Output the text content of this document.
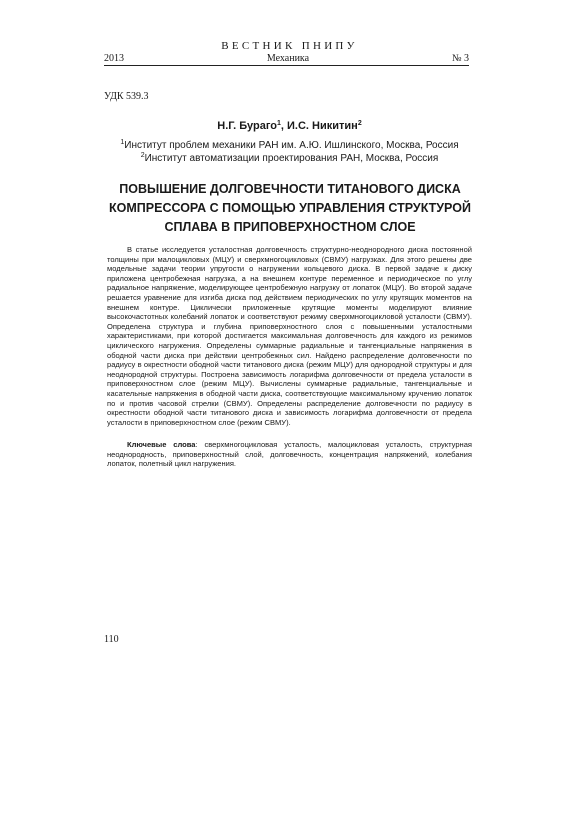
ВЕСТНИК ПНИПУ
2013	Механика	№ 3
УДК 539.3
Н.Г. Бураго$^1$, И.С. Никитин$^2$
$^1$Институт проблем механики РАН им. А.Ю. Ишлинского, Москва, Россия
$^2$Институт автоматизации проектирования РАН, Москва, Россия
ПОВЫШЕНИЕ ДОЛГОВЕЧНОСТИ ТИТАНОВОГО ДИСКА
КОМПРЕССОРА С ПОМОЩЬЮ УПРАВЛЕНИЯ СТРУКТУРОЙ
СПЛАВА В ПРИПОВЕРХНОСТНОМ СЛОЕ
В статье исследуется усталостная долговечность структурно-неоднородного диска постоянной толщины при малоцикловых (МЦУ) и сверхмногоцикловых (СВМУ) нагрузках. Для этого решены две модельные задачи теории упругости о нагружении кольцевого диска. В первой задаче к диску приложена центробежная нагрузка, а на внешнем контуре переменное и периодическое по углу радиальное напряжение, моделирующее центробежную нагрузку от лопаток (МЦУ). Во второй задаче решается уравнение для изгиба диска под действием периодических по углу крутящих моментов на внешнем контуре. Циклически приложенные крутящие моменты моделируют влияние высокочастотных колебаний лопаток и соответствуют режиму сверхмногоцикловой усталости (СВМУ). Определена структура и глубина приповерхностного слоя с повышенными усталостными характеристиками, при которой достигается максимальная долговечность для каждого из режимов циклического нагружения. Определены суммарные радиальные и тангенциальные напряжения в ободной части диска при действии центробежных сил. Найдено распределение долговечности по радиусу в окрестности ободной части титанового диска (режим МЦУ) для однородной структуры и для неоднородной структуры. Построена зависимость логарифма долговечности от предела усталости в приповерхностном слое (режим МЦУ). Вычислены суммарные радиальные, тангенциальные и касательные напряжения в ободной части диска, соответствующие максимальному кручению лопаток по и против часовой стрелки (СВМУ). Определены распределение долговечности по радиусу в окрестности ободной части титанового диска и зависимость логарифма долговечности от предела усталости в приповерхностном слое (режим СВМУ).
Ключевые слова: сверхмногоцикловая усталость, малоцикловая усталость, структурная неоднородность, приповерхностный слой, долговечность, концентрация напряжений, колебания лопаток, полетный цикл нагружения.
110
